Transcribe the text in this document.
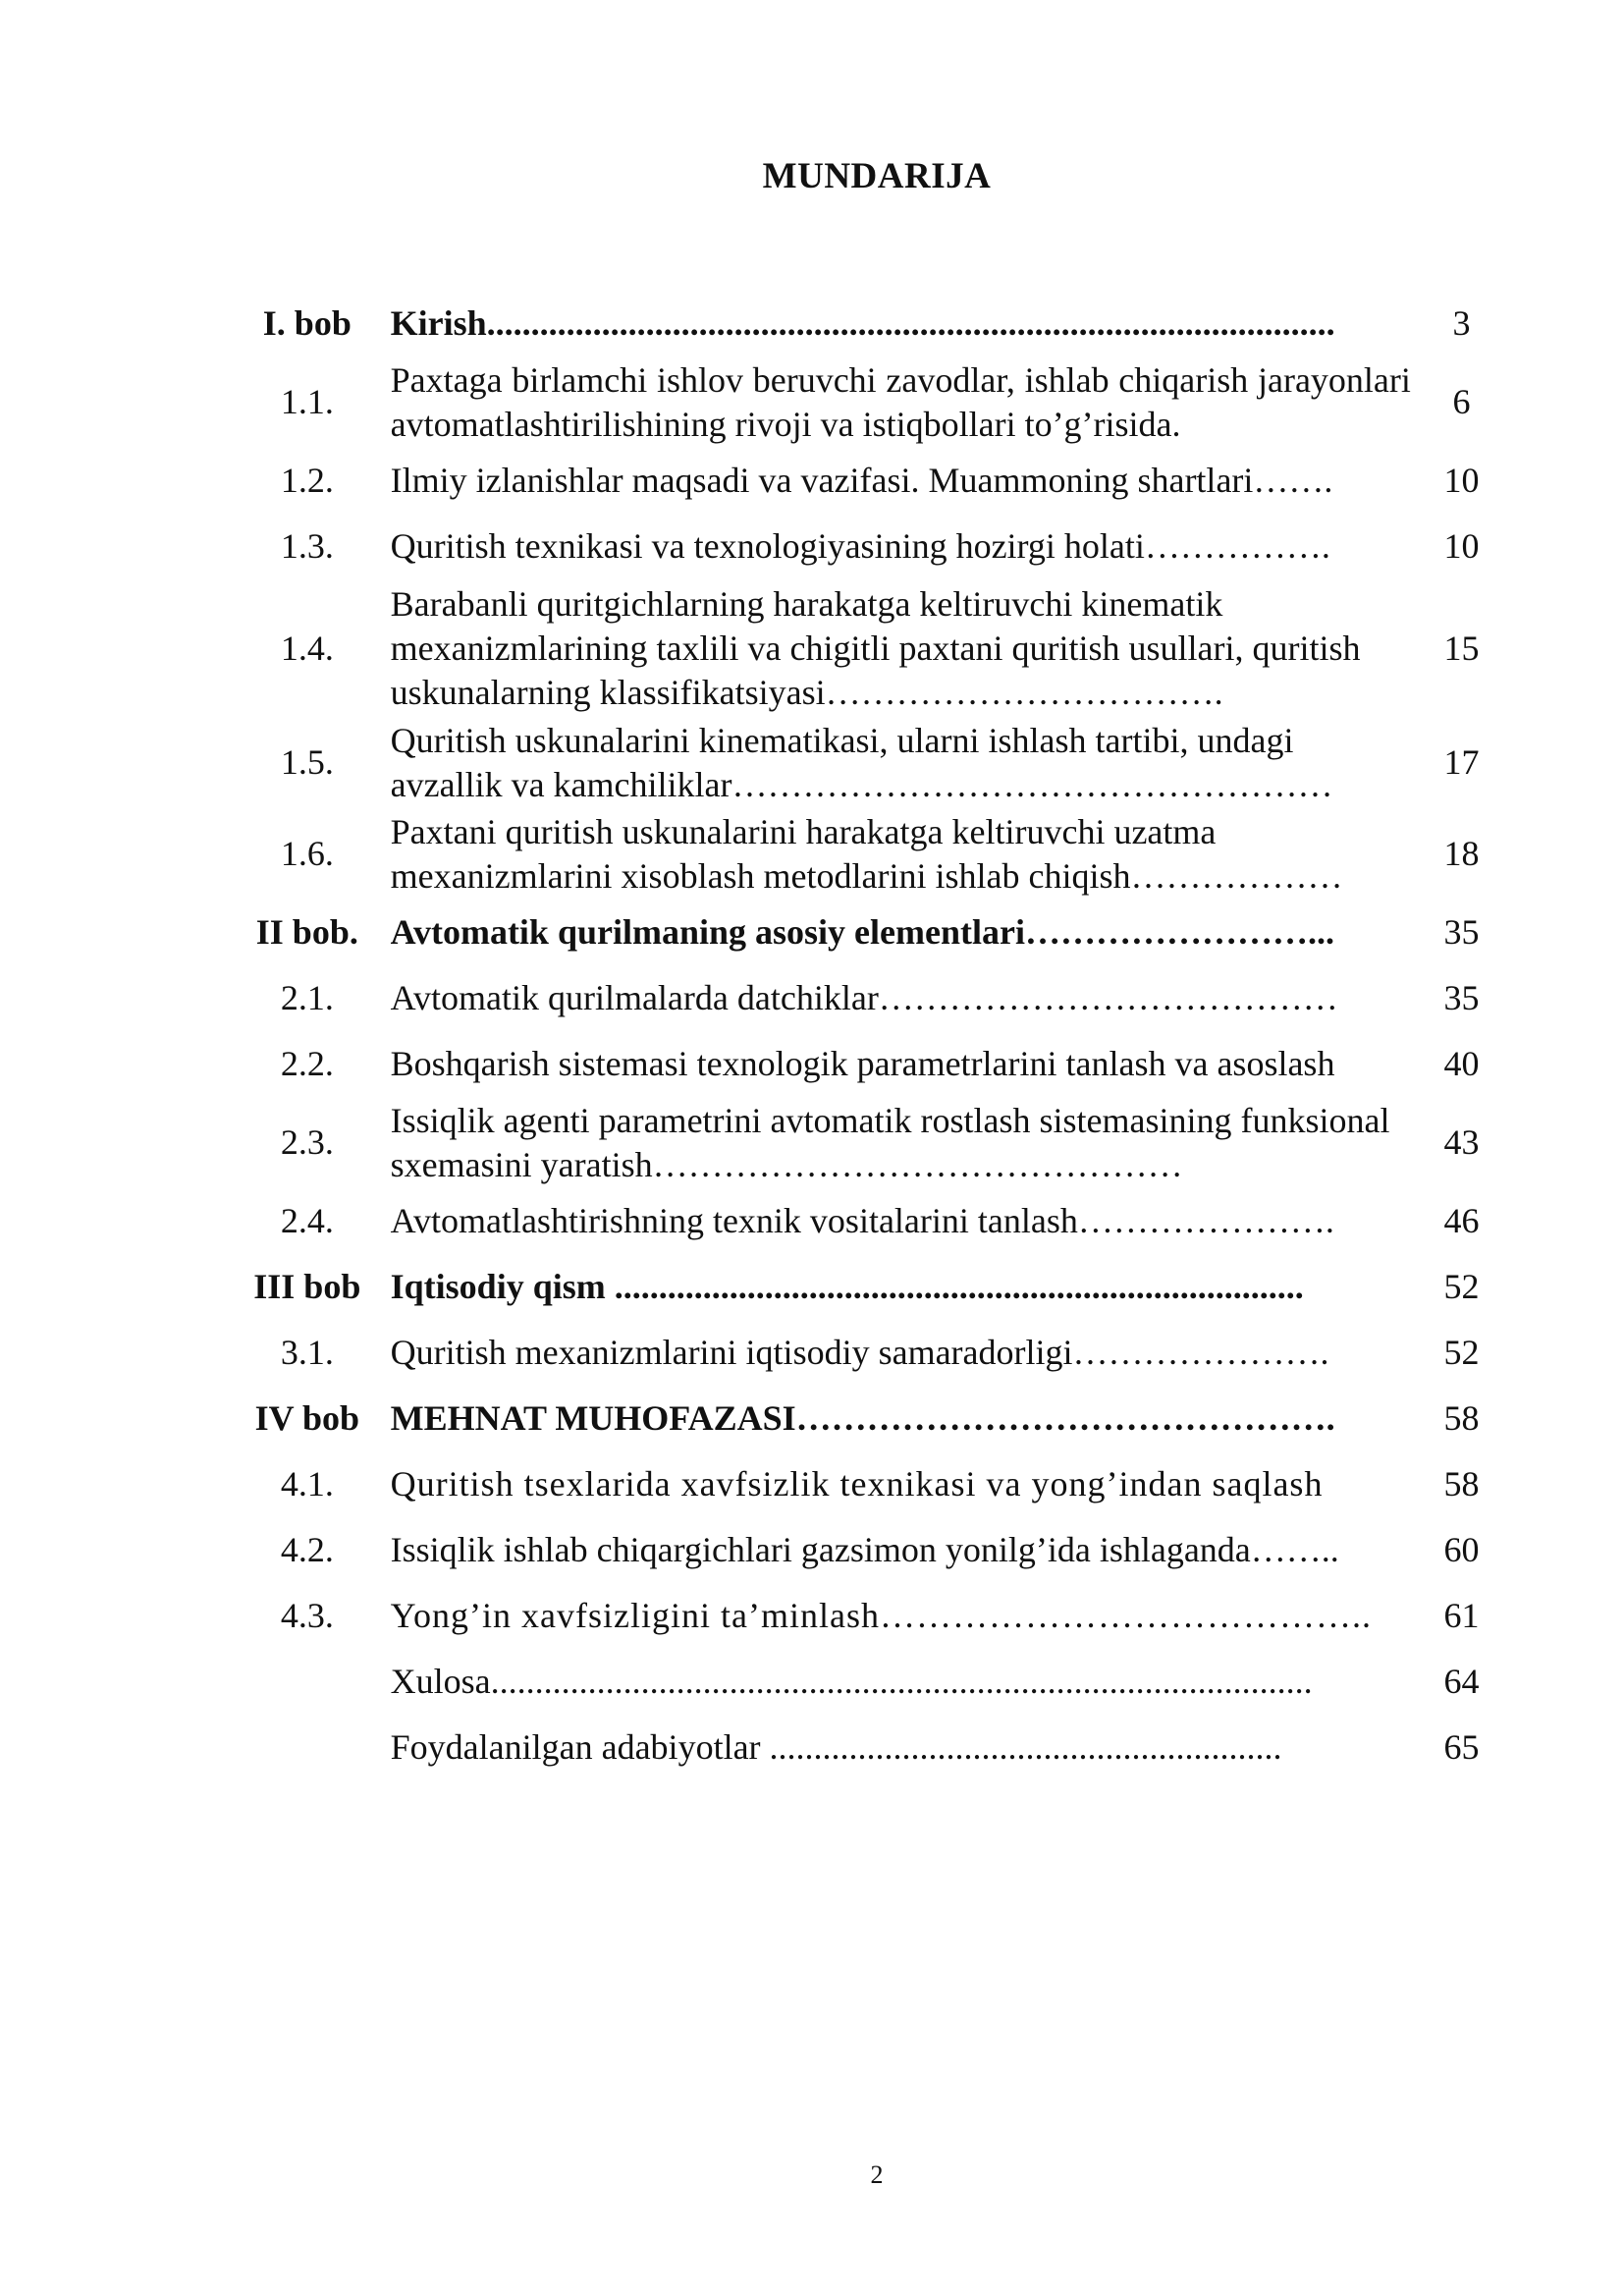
MUNDARIJA
I. bob	Kirish................................................................................................	3
1.1.	Paxtaga birlamchi ishlov beruvchi zavodlar, ishlab chiqarish jarayonlari avtomatlashtirilishining rivoji va istiqbollari to’g’risida.	6
1.2.	Ilmiy izlanishlar maqsadi va vazifasi. Muammoning shartlari…….	10
1.3.	Quritish texnikasi va texnologiyasining hozirgi holati…………….	10
1.4.	Barabanli quritgichlarning harakatga keltiruvchi kinematik mexanizmlarining taxlili va chigitli paxtani quritish usullari, quritish uskunalarning klassifikatsiyasi…………………………….	15
1.5.	Quritish uskunalarini kinematikasi, ularni ishlash tartibi, undagi avzallik va kamchiliklar……………………………………………	17
1.6.	Paxtani quritish uskunalarini harakatga keltiruvchi uzatma mexanizmlarini xisoblash metodlarini ishlab chiqish………………	18
II bob.	Avtomatik qurilmaning asosiy elementlari……………………...	35
2.1.	Avtomatik qurilmalarda datchiklar…………………………………	35
2.2.	Boshqarish sistemasi texnologik parametrlarini tanlash va asoslash	40
2.3.	Issiqlik agenti parametrini avtomatik rostlash sistemasining funksional sxemasini yaratish………………………………………	43
2.4.	Avtomatlashtirishning texnik vositalarini tanlash………………….	46
III bob	Iqtisodiy qism ..............................................................................	52
3.1.	Quritish mexanizmlarini iqtisodiy samaradorligi………………….	52
IV bob	MEHNAT MUHOFAZASI……………………………………….	58
4.1.	Quritish tsexlarida xavfsizlik texnikasi va yong’indan saqlash	58
4.2.	Issiqlik ishlab chiqargichlari gazsimon yonilg’ida ishlaganda……..	60
4.3.	Yong’in xavfsizligini ta’minlash…………………………………..	61
	Xulosa.............................................................................................	64
	Foydalanilgan adabiyotlar ..........................................................	65
2
